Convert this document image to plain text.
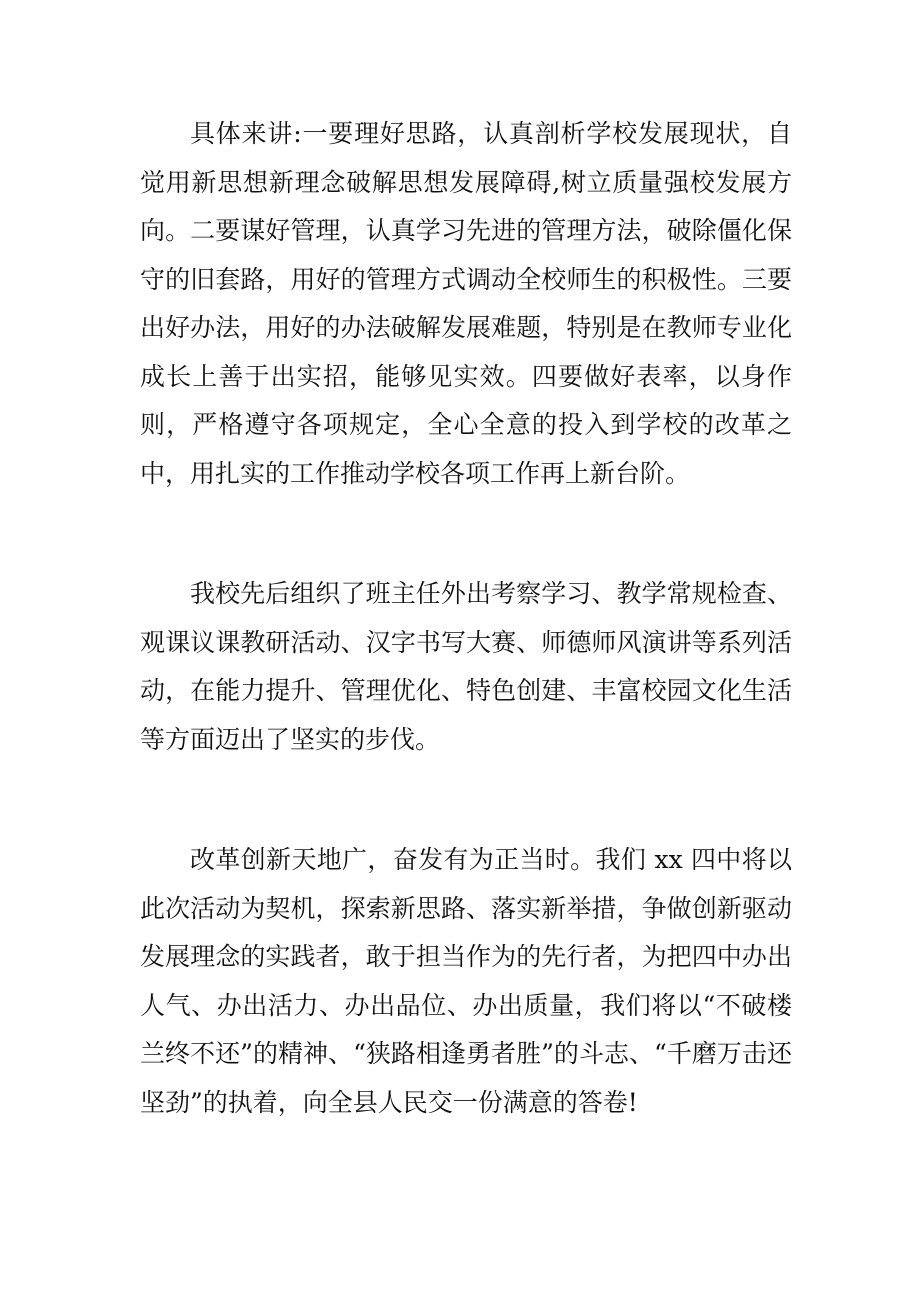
具体来讲:一要理好思路，认真剖析学校发展现状，自觉用新思想新理念破解思想发展障碍,树立质量强校发展方向。二要谋好管理，认真学习先进的管理方法，破除僵化保守的旧套路，用好的管理方式调动全校师生的积极性。三要出好办法，用好的办法破解发展难题，特别是在教师专业化成长上善于出实招，能够见实效。四要做好表率，以身作则，严格遵守各项规定，全心全意的投入到学校的改革之中，用扎实的工作推动学校各项工作再上新台阶。

我校先后组织了班主任外出考察学习、教学常规检查、观课议课教研活动、汉字书写大赛、师德师风演讲等系列活动，在能力提升、管理优化、特色创建、丰富校园文化生活等方面迈出了坚实的步伐。

改革创新天地广，奋发有为正当时。我们 xx 四中将以此次活动为契机，探索新思路、落实新举措，争做创新驱动发展理念的实践者，敢于担当作为的先行者，为把四中办出人气、办出活力、办出品位、办出质量，我们将以“不破楼兰终不还”的精神、“狭路相逢勇者胜”的斗志、“千磨万击还坚劲”的执着，向全县人民交一份满意的答卷!
